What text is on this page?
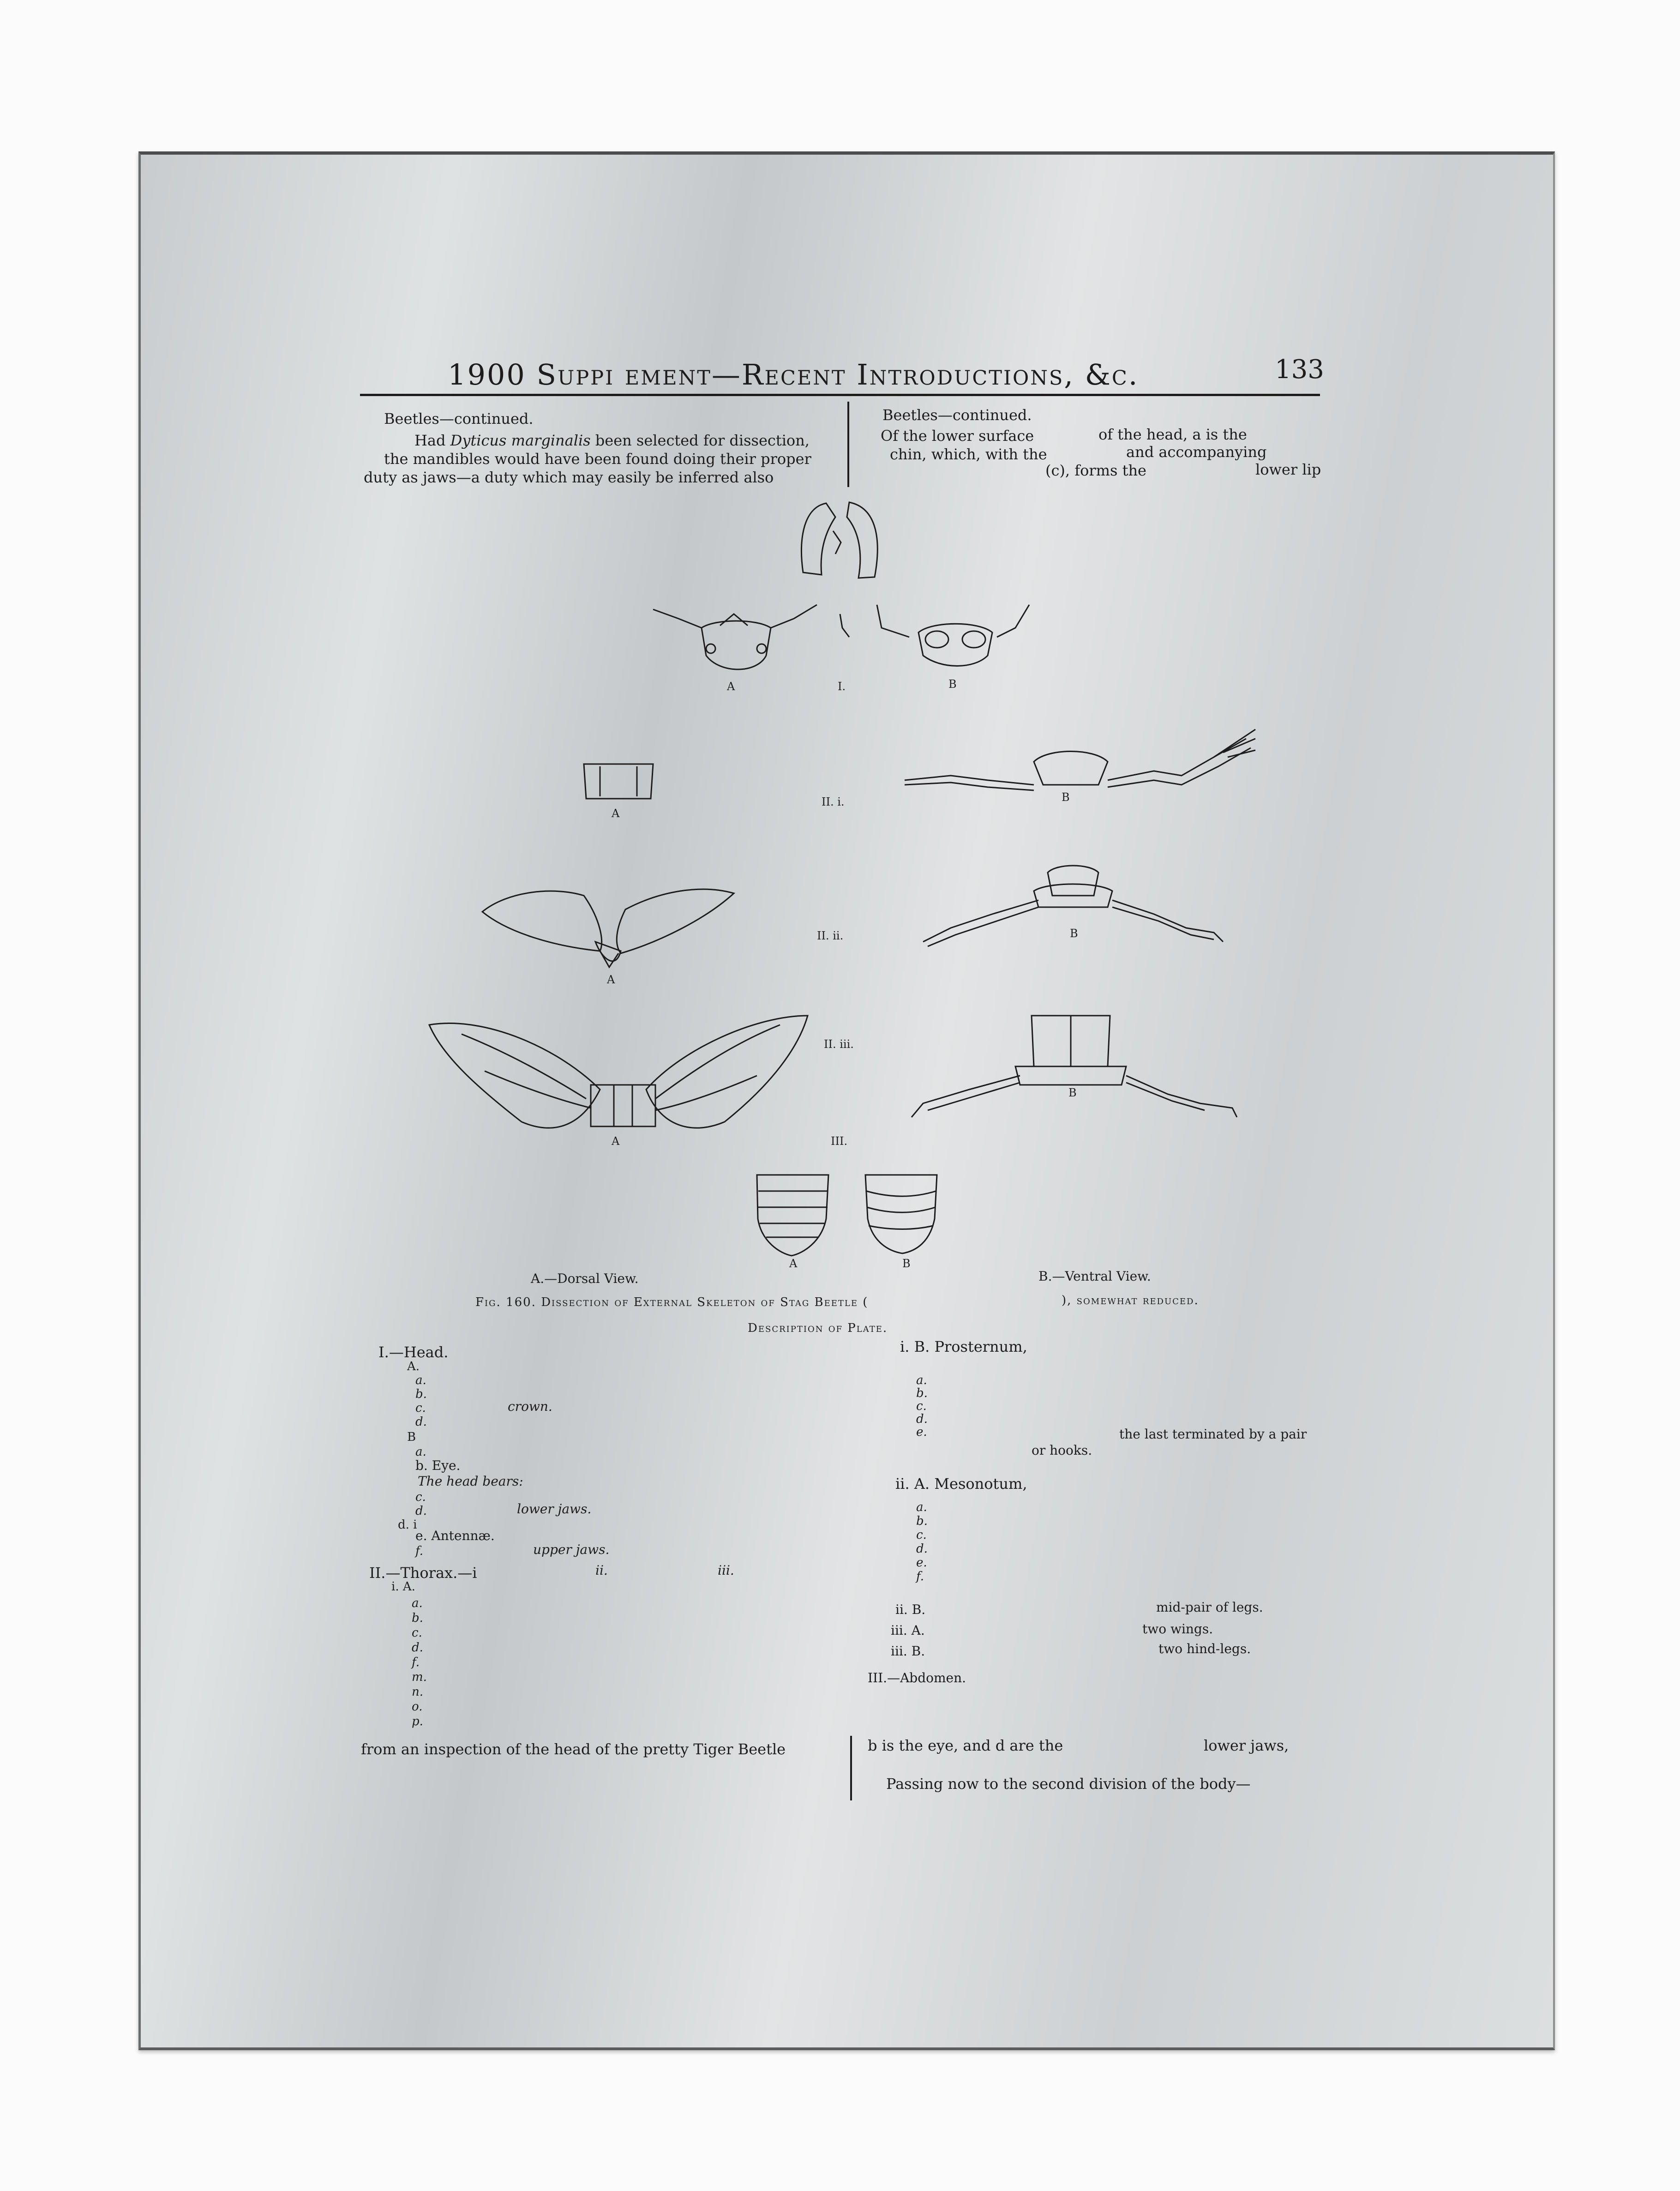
1900 Suppi ement—Recent Introductions, &c.	133
Beetles—continued.
Had Dyticus marginalis been selected for dissection,
the mandibles would have been found doing their proper
duty as jaws—a duty which may easily be inferred also
Beetles—continued.
Of the lower surface	of the head, a is the
chin, which, with the	and accompanying
(c), forms the	lower lip
A	I.	B
A
II. i.	B
A
II. ii.	B
A
II. iii.
B
III.
A	B
A.—Dorsal View.	B.—Ventral View.
Fig. 160. Dissection of External Skeleton of Stag Beetle (	), somewhat reduced.
Description of Plate.
I.—Head.
A.
a.
b.
c.	crown.
d.
B
a.
b. Eye.
The head bears:
c.
d.	lower jaws.
d. i
e. Antennæ.
f.	upper jaws.
II.—Thorax.—i	ii.	iii.
i. A.
a.
b.
c.
d.
f.
m.
n.
o.
p.
i. B. Prosternum,
a.
b.
c.
d.
e.	the last terminated by a pair
or hooks.
ii. A. Mesonotum,
a.
b.
c.
d.
e.
f.
ii. B.	mid-pair of legs.
iii. A.	two wings.
iii. B.	two hind-legs.
III.—Abdomen.
from an inspection of the head of the pretty Tiger Beetle	b is the eye, and d are the	lower jaws,
Passing now to the second division of the body—
